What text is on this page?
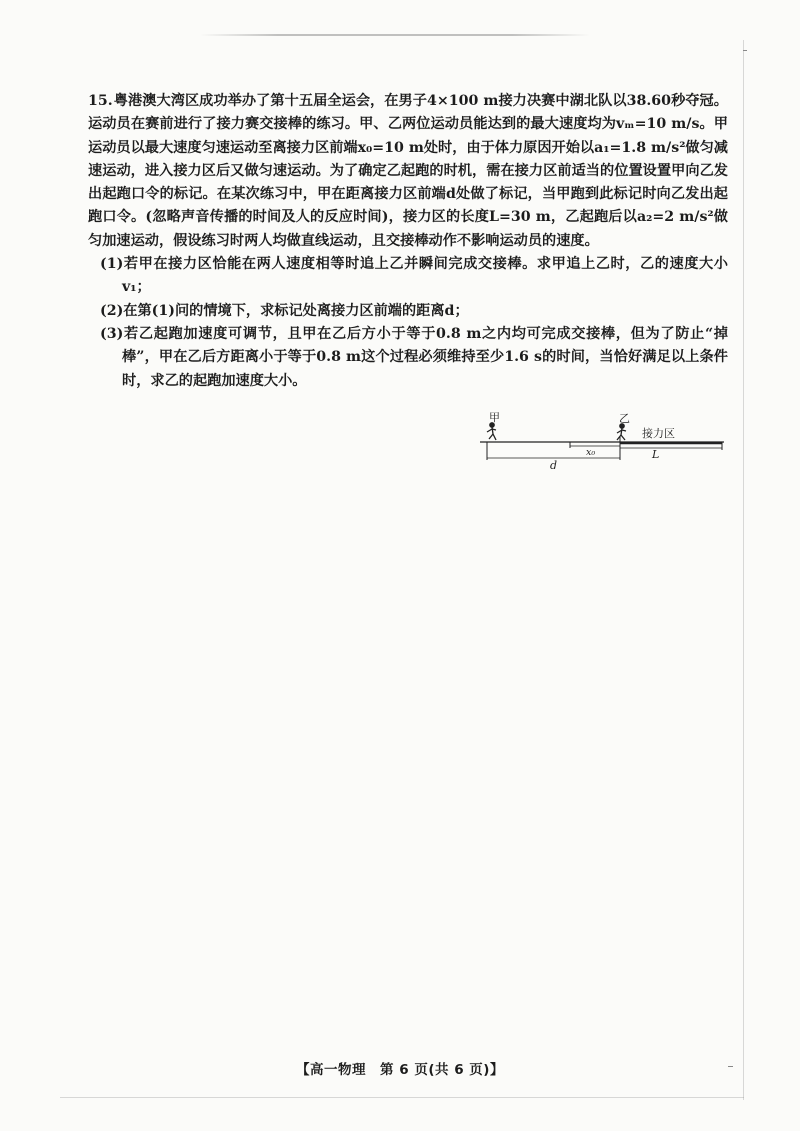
15.粤港澳大湾区成功举办了第十五届全运会，在男子4×100 m接力决赛中湖北队以38.60秒夺冠。运动员在赛前进行了接力赛交接棒的练习。甲、乙两位运动员能达到的最大速度均为vₘ=10 m/s。甲运动员以最大速度匀速运动至离接力区前端x₀=10 m处时，由于体力原因开始以a₁=1.8 m/s²做匀减速运动，进入接力区后又做匀速运动。为了确定乙起跑的时机，需在接力区前适当的位置设置甲向乙发出起跑口令的标记。在某次练习中，甲在距离接力区前端d处做了标记，当甲跑到此标记时向乙发出起跑口令。(忽略声音传播的时间及人的反应时间)，接力区的长度L=30 m，乙起跑后以a₂=2 m/s²做匀加速运动，假设练习时两人均做直线运动，且交接棒动作不影响运动员的速度。

(1)若甲在接力区恰能在两人速度相等时追上乙并瞬间完成交接棒。求甲追上乙时，乙的速度大小v₁；

(2)在第(1)问的情境下，求标记处离接力区前端的距离d；

(3)若乙起跑加速度可调节，且甲在乙后方小于等于0.8 m之内均可完成交接棒，但为了防止“掉棒”，甲在乙后方距离小于等于0.8 m这个过程必须维持至少1.6 s的时间，当恰好满足以上条件时，求乙的起跑加速度大小。

甲	乙
接力区
x₀	L
d
【高一物理　第 6 页(共 6 页)】
